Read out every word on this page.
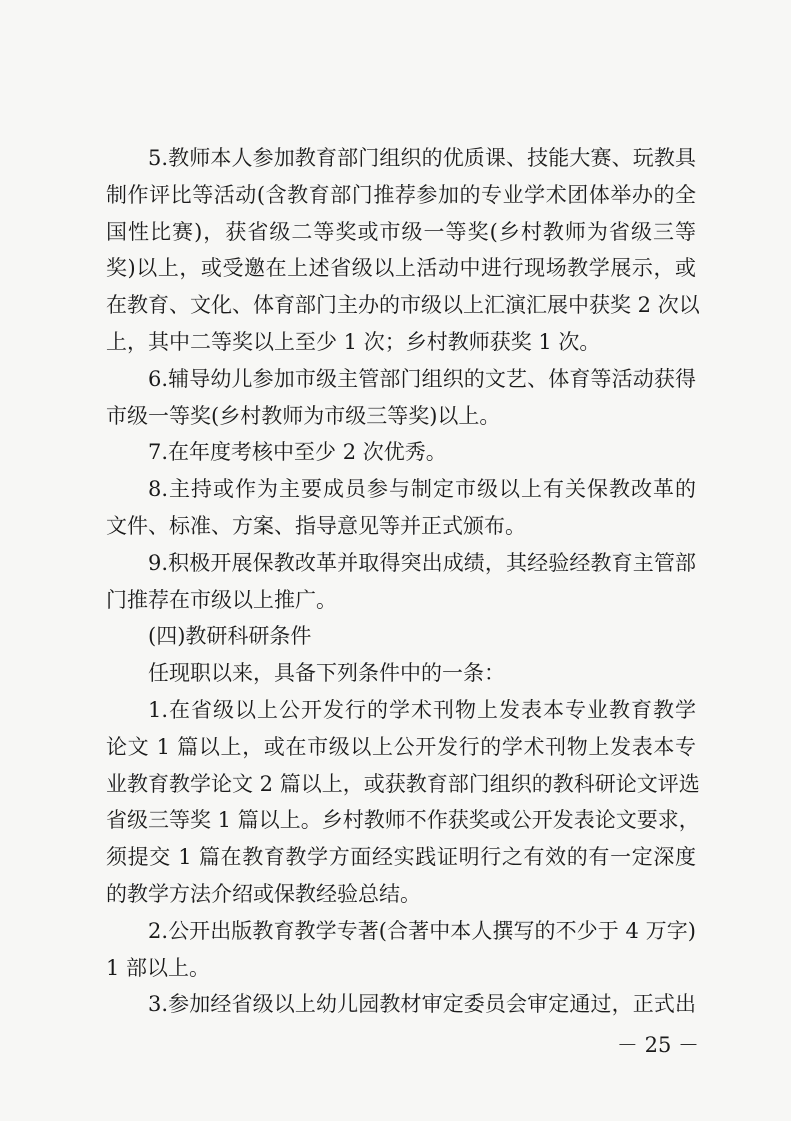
5.教师本人参加教育部门组织的优质课、技能大赛、玩教具
制作评比等活动(含教育部门推荐参加的专业学术团体举办的全
国性比赛)，获省级二等奖或市级一等奖(乡村教师为省级三等
奖)以上，或受邀在上述省级以上活动中进行现场教学展示，或
在教育、文化、体育部门主办的市级以上汇演汇展中获奖 2 次以
上，其中二等奖以上至少 1 次；乡村教师获奖 1 次。
6.辅导幼儿参加市级主管部门组织的文艺、体育等活动获得
市级一等奖(乡村教师为市级三等奖)以上。
7.在年度考核中至少 2 次优秀。
8.主持或作为主要成员参与制定市级以上有关保教改革的
文件、标准、方案、指导意见等并正式颁布。
9.积极开展保教改革并取得突出成绩，其经验经教育主管部
门推荐在市级以上推广。
(四)教研科研条件
任现职以来，具备下列条件中的一条：
1.在省级以上公开发行的学术刊物上发表本专业教育教学
论文 1 篇以上，或在市级以上公开发行的学术刊物上发表本专
业教育教学论文 2 篇以上，或获教育部门组织的教科研论文评选
省级三等奖 1 篇以上。乡村教师不作获奖或公开发表论文要求，
须提交 1 篇在教育教学方面经实践证明行之有效的有一定深度
的教学方法介绍或保教经验总结。
2.公开出版教育教学专著(合著中本人撰写的不少于 4 万字)
1 部以上。
3.参加经省级以上幼儿园教材审定委员会审定通过，正式出
－ 25 －
